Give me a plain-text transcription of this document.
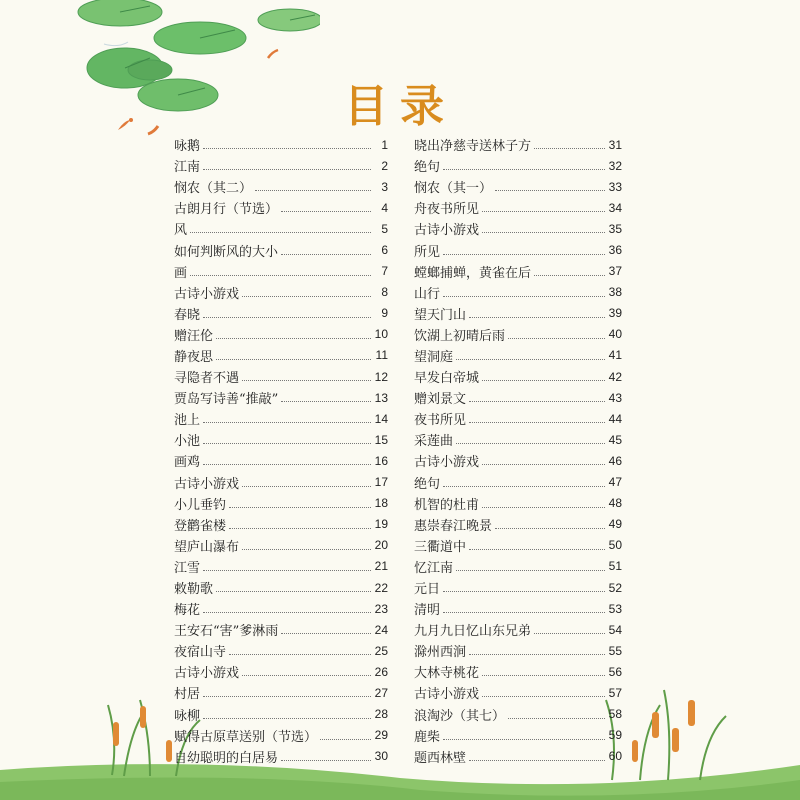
目录
咏鹅	1
江南	2
悯农（其二）	3
古朗月行（节选）	4
风	5
如何判断风的大小	6
画	7
古诗小游戏	8
春晓	9
赠汪伦	10
静夜思	11
寻隐者不遇	12
贾岛写诗善“推敲”	13
池上	14
小池	15
画鸡	16
古诗小游戏	17
小儿垂钓	18
登鹳雀楼	19
望庐山瀑布	20
江雪	21
敕勒歌	22
梅花	23
王安石“害”爹淋雨	24
夜宿山寺	25
古诗小游戏	26
村居	27
咏柳	28
赋得古原草送别（节选）	29
自幼聪明的白居易	30
晓出净慈寺送林子方	31
绝句	32
悯农（其一）	33
舟夜书所见	34
古诗小游戏	35
所见	36
螳螂捕蝉，黄雀在后	37
山行	38
望天门山	39
饮湖上初晴后雨	40
望洞庭	41
早发白帝城	42
赠刘景文	43
夜书所见	44
采莲曲	45
古诗小游戏	46
绝句	47
机智的杜甫	48
惠崇春江晚景	49
三衢道中	50
忆江南	51
元日	52
清明	53
九月九日忆山东兄弟	54
滁州西涧	55
大林寺桃花	56
古诗小游戏	57
浪淘沙（其七）	58
鹿柴	59
题西林壁	60
